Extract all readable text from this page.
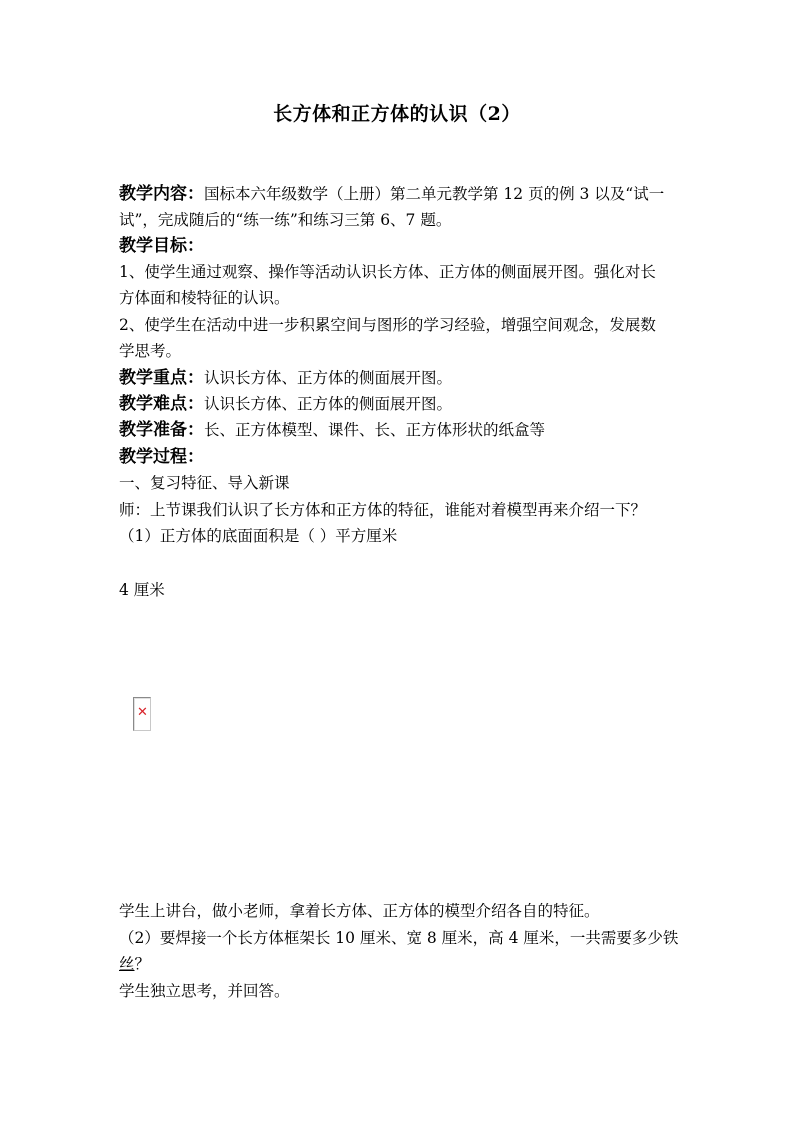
长方体和正方体的认识（2）
教学内容：国标本六年级数学（上册）第二单元教学第 12 页的例 3 以及“试一
试”，完成随后的“练一练”和练习三第 6、7 题。
教学目标：
1、使学生通过观察、操作等活动认识长方体、正方体的侧面展开图。强化对长
方体面和棱特征的认识。
2、使学生在活动中进一步积累空间与图形的学习经验，增强空间观念，发展数
学思考。
教学重点：认识长方体、正方体的侧面展开图。
教学难点：认识长方体、正方体的侧面展开图。
教学准备：长、正方体模型、课件、长、正方体形状的纸盒等
教学过程：
一、复习特征、导入新课
师：上节课我们认识了长方体和正方体的特征，谁能对着模型再来介绍一下？
（1）正方体的底面面积是（ ）平方厘米
4 厘米
✕
学生上讲台，做小老师，拿着长方体、正方体的模型介绍各自的特征。
（2）要焊接一个长方体框架长 10 厘米、宽 8 厘米，高 4 厘米，一共需要多少铁
丝？
学生独立思考，并回答。
